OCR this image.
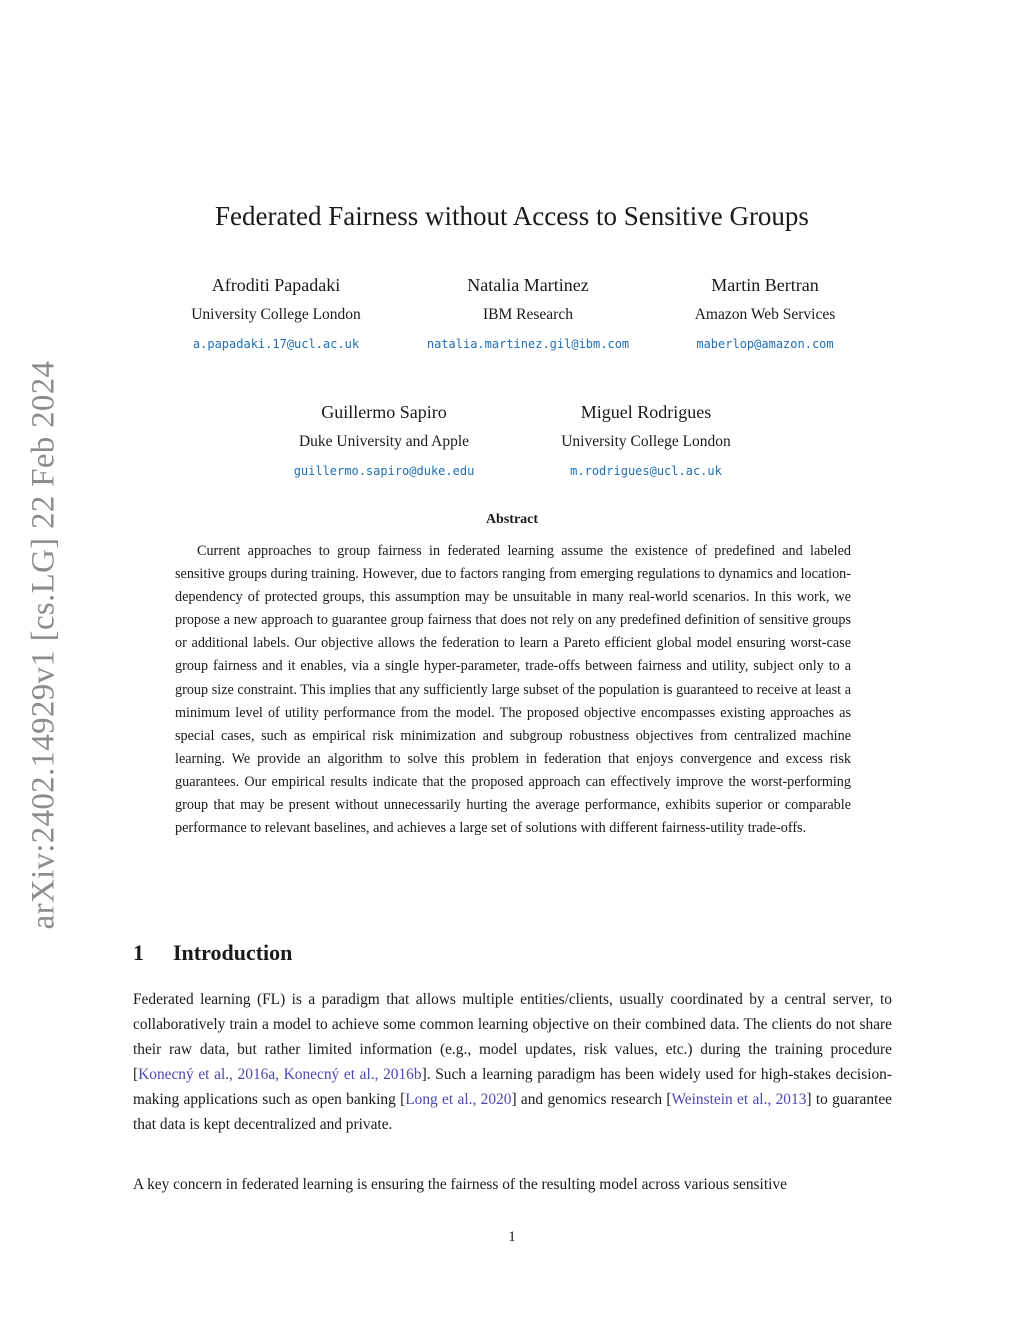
arXiv:2402.14929v1 [cs.LG] 22 Feb 2024
Federated Fairness without Access to Sensitive Groups
Afroditi Papadaki
University College London
a.papadaki.17@ucl.ac.uk
Natalia Martinez
IBM Research
natalia.martinez.gil@ibm.com
Martin Bertran
Amazon Web Services
maberlop@amazon.com
Guillermo Sapiro
Duke University and Apple
guillermo.sapiro@duke.edu
Miguel Rodrigues
University College London
m.rodrigues@ucl.ac.uk
Abstract
Current approaches to group fairness in federated learning assume the existence of predefined and labeled sensitive groups during training. However, due to factors ranging from emerging regulations to dynamics and location-dependency of protected groups, this assumption may be unsuitable in many real-world scenarios. In this work, we propose a new approach to guarantee group fairness that does not rely on any predefined definition of sensitive groups or additional labels. Our objective allows the federation to learn a Pareto efficient global model ensuring worst-case group fairness and it enables, via a single hyper-parameter, trade-offs between fairness and utility, subject only to a group size constraint. This implies that any sufficiently large subset of the population is guaranteed to receive at least a minimum level of utility performance from the model. The proposed objective encompasses existing approaches as special cases, such as empirical risk minimization and subgroup robustness objectives from centralized machine learning. We provide an algorithm to solve this problem in federation that enjoys convergence and excess risk guarantees. Our empirical results indicate that the proposed approach can effectively improve the worst-performing group that may be present without unnecessarily hurting the average performance, exhibits superior or comparable performance to relevant baselines, and achieves a large set of solutions with different fairness-utility trade-offs.
1 Introduction
Federated learning (FL) is a paradigm that allows multiple entities/clients, usually coordinated by a central server, to collaboratively train a model to achieve some common learning objective on their combined data. The clients do not share their raw data, but rather limited information (e.g., model updates, risk values, etc.) during the training procedure [Konecný et al., 2016a, Konecný et al., 2016b]. Such a learning paradigm has been widely used for high-stakes decision-making applications such as open banking [Long et al., 2020] and genomics research [Weinstein et al., 2013] to guarantee that data is kept decentralized and private.
A key concern in federated learning is ensuring the fairness of the resulting model across various sensitive
1
